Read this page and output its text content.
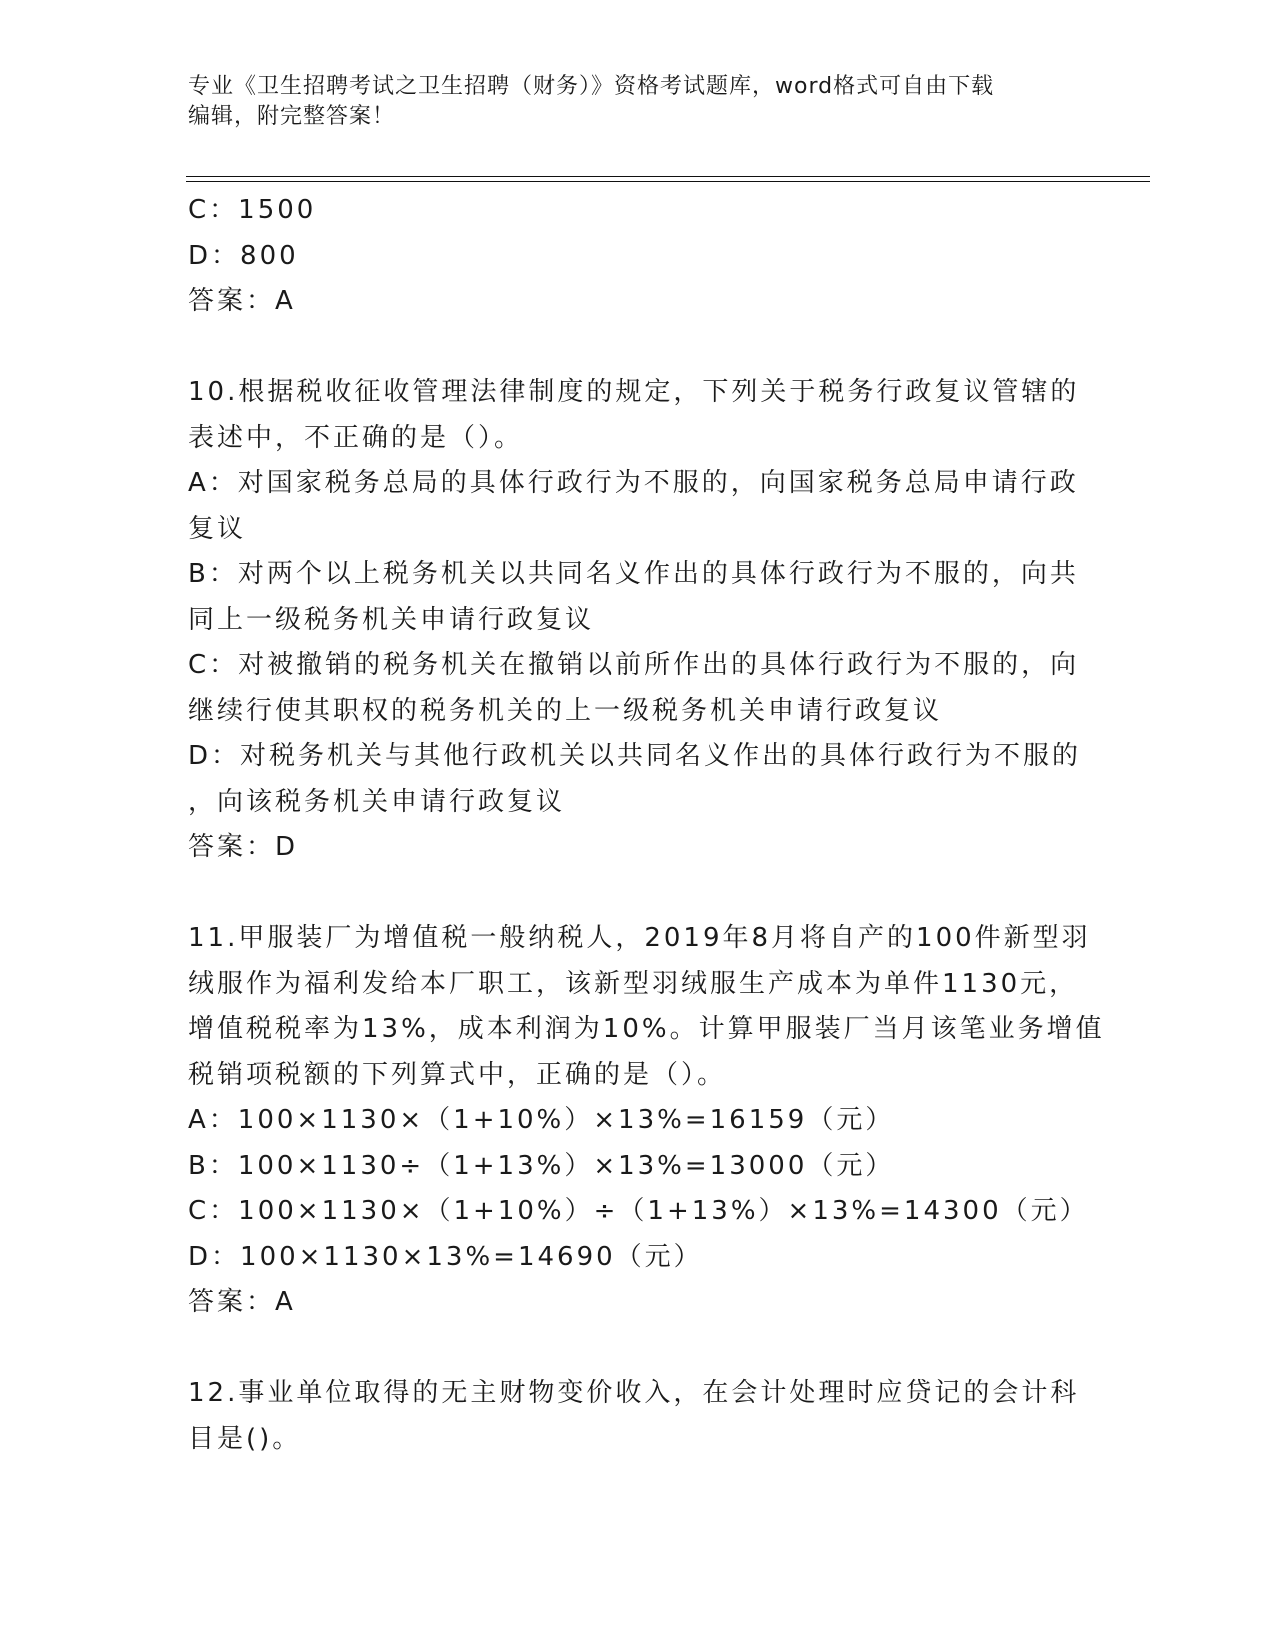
专业《卫生招聘考试之卫生招聘（财务）》资格考试题库，word格式可自由下载
编辑，附完整答案！
C：1500
D：800
答案：A
10.根据税收征收管理法律制度的规定，下列关于税务行政复议管辖的
表述中，不正确的是（）。
A：对国家税务总局的具体行政行为不服的，向国家税务总局申请行政
复议
B：对两个以上税务机关以共同名义作出的具体行政行为不服的，向共
同上一级税务机关申请行政复议
C：对被撤销的税务机关在撤销以前所作出的具体行政行为不服的，向
继续行使其职权的税务机关的上一级税务机关申请行政复议
D：对税务机关与其他行政机关以共同名义作出的具体行政行为不服的
，向该税务机关申请行政复议
答案：D
11.甲服装厂为增值税一般纳税人，2019年8月将自产的100件新型羽
绒服作为福利发给本厂职工，该新型羽绒服生产成本为单件1130元，
增值税税率为13%，成本利润为10%。计算甲服装厂当月该笔业务增值
税销项税额的下列算式中，正确的是（）。
A：100×1130×（1+10%）×13%=16159（元）
B：100×1130÷（1+13%）×13%=13000（元）
C：100×1130×（1+10%）÷（1+13%）×13%=14300（元）
D：100×1130×13%=14690（元）
答案：A
12.事业单位取得的无主财物变价收入，在会计处理时应贷记的会计科
目是()。
